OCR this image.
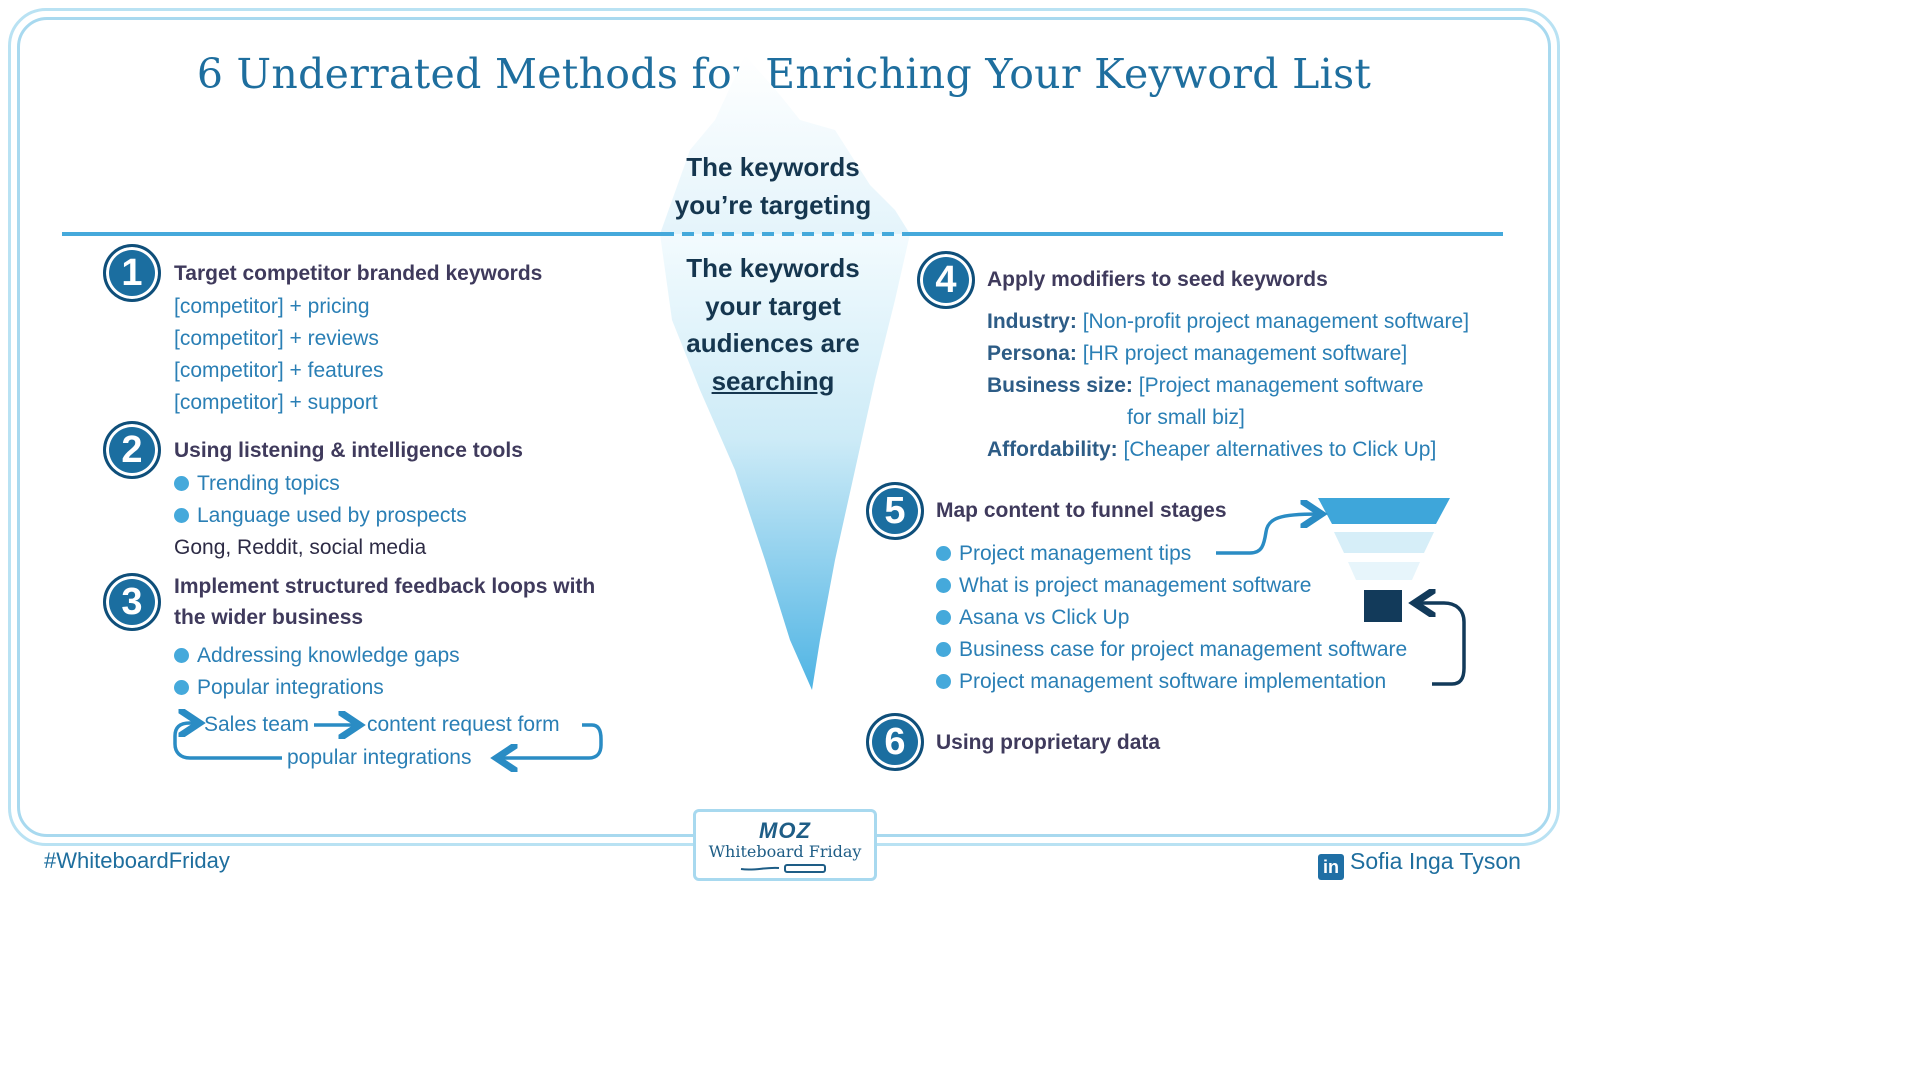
6 Underrated Methods for Enriching Your Keyword List
The keywords
you’re targeting
The keywords
your target
audiences are
searching
1	Target competitor branded keywords
[competitor] + pricing
[competitor] + reviews
[competitor] + features
[competitor] + support
2	Using listening & intelligence tools
Trending topics
Language used by prospects
Gong, Reddit, social media
3	Implement structured feedback loops with
the wider business
Addressing knowledge gaps
Popular integrations
Sales team	content request form
popular integrations
4	Apply modifiers to seed keywords
Industry: [Non-profit project management software]
Persona: [HR project management software]
Business size: [Project management software
for small biz]
Affordability: [Cheaper alternatives to Click Up]
5	Map content to funnel stages
Project management tips
What is project management software
Asana vs Click Up
Business case for project management software
Project management software implementation
6	Using proprietary data
#WhiteboardFriday
MOZ
Whiteboard Friday
in Sofia Inga Tyson
